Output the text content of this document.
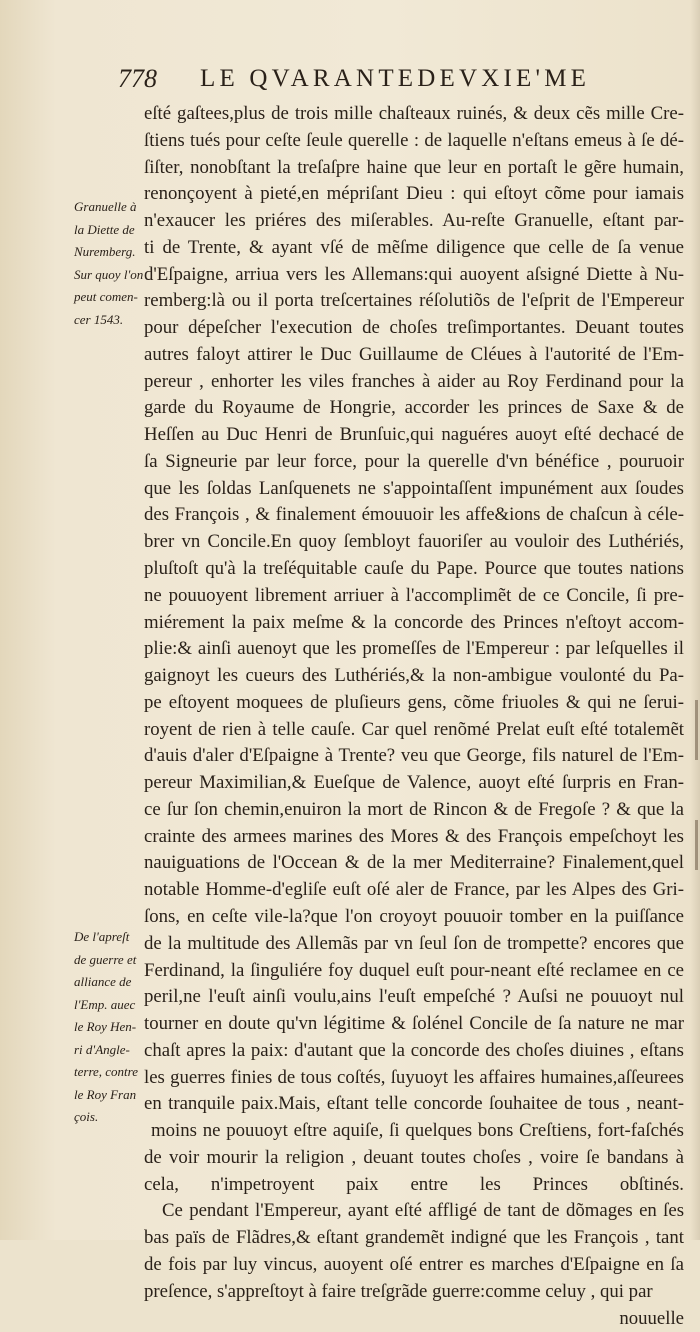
778 LE QVARANTEDEVXIE'ME
Granuelle à
la Diette de
Nuremberg.
Sur quoy l'on
peut comen-
cer 1543.
De l'apreſt
de guerre et
alliance de
l'Emp. auec
le Roy Hen-
ri d'Angle-
terre, contre
le Roy Fran
çois.
eſté gaſtees,plus de trois mille chaſteaux ruinés, & deux cẽs mille Cre-
ſtiens tués pour ceſte ſeule querelle : de laquelle n'eſtans emeus à ſe dé-
ſiſter, nonobſtant la treſaſpre haine que leur en portaſt le gẽre humain,
renonçoyent à pieté,en mépriſant Dieu : qui eſtoyt cõme pour iamais
n'exaucer les priéres des miſerables. Au-reſte Granuelle, eſtant par-
ti de Trente, & ayant vſé de mẽſme diligence que celle de ſa venue
d'Eſpaigne, arriua vers les Allemans:qui auoyent aſsigné Diette à Nu-
remberg:là ou il porta treſcertaines réſolutiõs de l'eſprit de l'Empereur
pour dépeſcher l'execution de choſes treſimportantes. Deuant toutes
autres faloyt attirer le Duc Guillaume de Cléues à l'autorité de l'Em-
pereur , enhorter les viles franches à aider au Roy Ferdinand pour la
garde du Royaume de Hongrie, accorder les princes de Saxe & de
Heſſen au Duc Henri de Brunſuic,qui naguéres auoyt eſté dechacé de
ſa Signeurie par leur force, pour la querelle d'vn bénéfice , pouruoir
que les ſoldas Lanſquenets ne s'appointaſſent impunément aux ſoudes
des François , & finalement émouuoir les affe&ions de chaſcun à céle-
brer vn Concile.En quoy ſembloyt fauoriſer au vouloir des Luthériés,
pluſtoſt qu'à la treſéquitable cauſe du Pape. Pource que toutes nations
ne pouuoyent librement arriuer à l'accomplimẽt de ce Concile, ſi pre-
miérement la paix meſme & la concorde des Princes n'eſtoyt accom-
plie:& ainſi auenoyt que les promeſſes de l'Empereur : par leſquelles il
gaignoyt les cueurs des Luthériés,& la non-ambigue voulonté du Pa-
pe eſtoyent moquees de pluſieurs gens, cõme friuoles & qui ne ſerui-
royent de rien à telle cauſe. Car quel renõmé Prelat euſt eſté totalemẽt
d'auis d'aler d'Eſpaigne à Trente? veu que George, fils naturel de l'Em-
pereur Maximilian,& Eueſque de Valence, auoyt eſté ſurpris en Fran-
ce ſur ſon chemin,enuiron la mort de Rincon & de Fregoſe ? & que la
crainte des armees marines des Mores & des François empeſchoyt les
nauiguations de l'Occean & de la mer Mediterraine? Finalement,quel
notable Homme-d'egliſe euſt oſé aler de France, par les Alpes des Gri-
ſons, en ceſte vile-la?que l'on croyoyt pouuoir tomber en la puiſſance
de la multitude des Allemãs par vn ſeul ſon de trompette? encores que
Ferdinand, la ſinguliére foy duquel euſt pour-neant eſté reclamee en ce
peril,ne l'euſt ainſi voulu,ains l'euſt empeſché ? Auſsi ne pouuoyt nul
tourner en doute qu'vn légitime & ſolénel Concile de ſa nature ne mar
chaſt apres la paix: d'autant que la concorde des choſes diuines , eſtans
les guerres finies de tous coſtés, ſuyuoyt les affaires humaines,aſſeurees
en tranquile paix.Mais, eſtant telle concorde ſouhaitee de tous , neant-
moins ne pouuoyt eſtre aquiſe, ſi quelques bons Creſtiens, fort-faſchés
de voir mourir la religion , deuant toutes choſes , voire ſe bandans à
cela, n'impetroyent paix entre les Princes obſtinés.
Ce pendant l'Empereur, ayant eſté affligé de tant de dõmages en ſes bas païs de Flãdres,& eſtant grandemẽt indigné que les François , tant de fois par luy vincus, auoyent oſé entrer es marches d'Eſpaigne en ſa preſence, s'appreſtoyt à faire treſgrãde guerre:comme celuy , qui par
nouuelle
